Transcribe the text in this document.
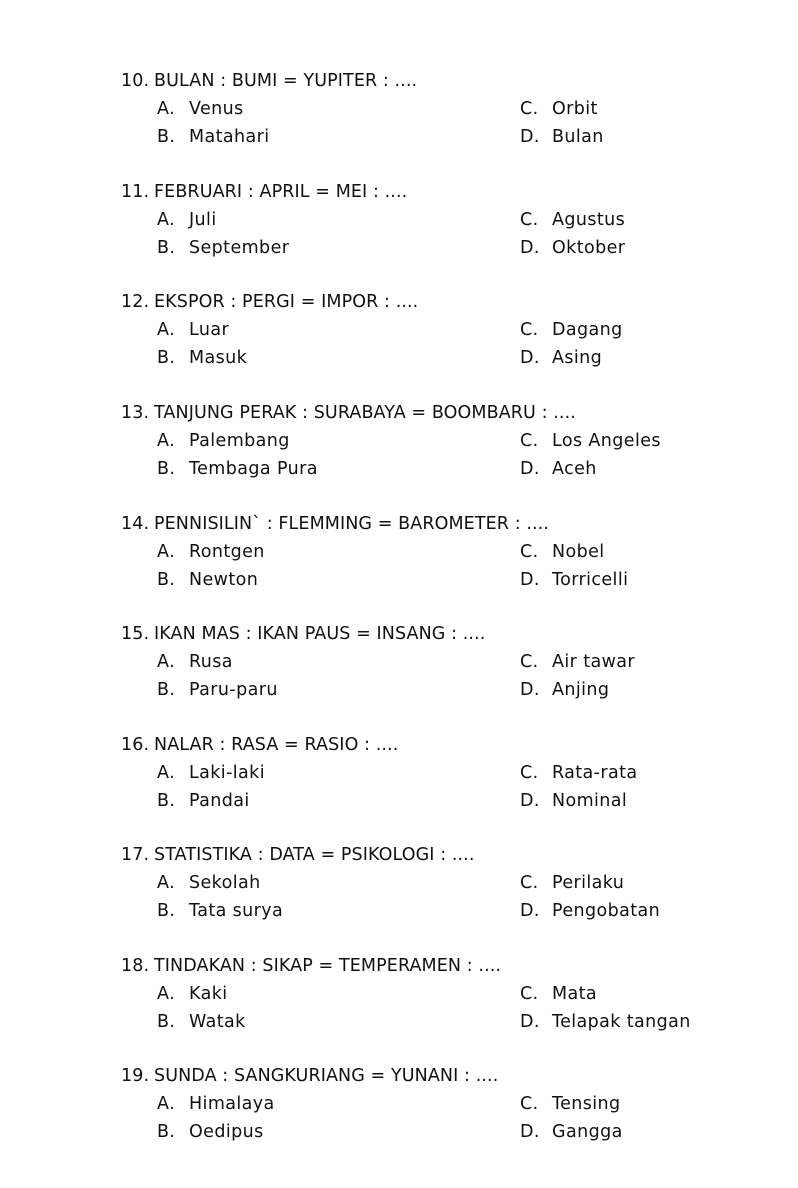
10. BULAN : BUMI = YUPITER : ....
A. Venus
B. Matahari
C. Orbit
D. Bulan
11. FEBRUARI : APRIL = MEI : ....
A. Juli
B. September
C. Agustus
D. Oktober
12. EKSPOR : PERGI = IMPOR : ....
A. Luar
B. Masuk
C. Dagang
D. Asing
13. TANJUNG PERAK : SURABAYA = BOOMBARU : ....
A. Palembang
B. Tembaga Pura
C. Los Angeles
D. Aceh
14. PENNISILIN` : FLEMMING = BAROMETER : ....
A. Rontgen
B. Newton
C. Nobel
D. Torricelli
15. IKAN MAS : IKAN PAUS = INSANG : ....
A. Rusa
B. Paru-paru
C. Air tawar
D. Anjing
16. NALAR : RASA = RASIO : ....
A. Laki-laki
B. Pandai
C. Rata-rata
D. Nominal
17. STATISTIKA : DATA = PSIKOLOGI : ....
A. Sekolah
B. Tata surya
C. Perilaku
D. Pengobatan
18. TINDAKAN : SIKAP = TEMPERAMEN : ....
A. Kaki
B. Watak
C. Mata
D. Telapak tangan
19. SUNDA : SANGKURIANG = YUNANI : ....
A. Himalaya
B. Oedipus
C. Tensing
D. Gangga
